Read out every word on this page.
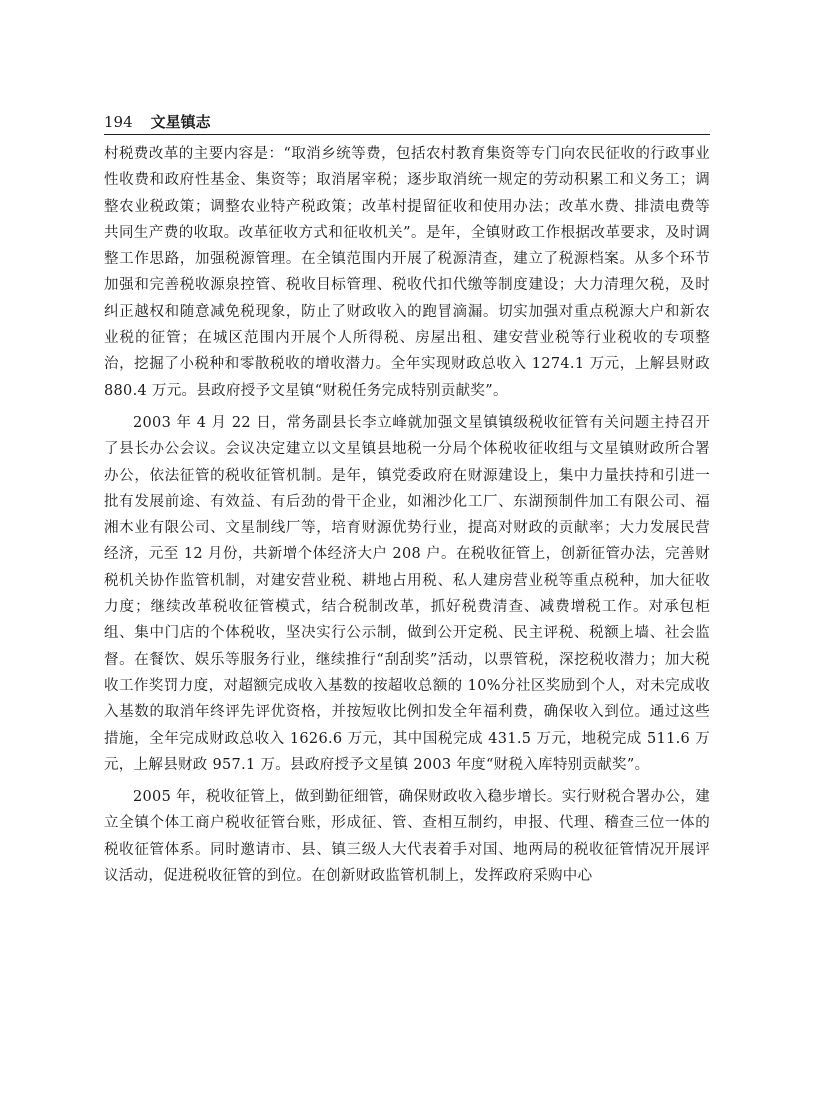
194 文星镇志

村税费改革的主要内容是：“取消乡统等费，包括农村教育集资等专门向农民征收的行政事业性收费和政府性基金、集资等；取消屠宰税；逐步取消统一规定的劳动积累工和义务工；调整农业税政策；调整农业特产税政策；改革村提留征收和使用办法；改革水费、排渍电费等共同生产费的收取。改革征收方式和征收机关”。是年，全镇财政工作根据改革要求，及时调整工作思路，加强税源管理。在全镇范围内开展了税源清查，建立了税源档案。从多个环节加强和完善税收源泉控管、税收目标管理、税收代扣代缴等制度建设；大力清理欠税，及时纠正越权和随意减免税现象，防止了财政收入的跑冒滴漏。切实加强对重点税源大户和新农业税的征管；在城区范围内开展个人所得税、房屋出租、建安营业税等行业税收的专项整治，挖掘了小税种和零散税收的增收潜力。全年实现财政总收入 1274.1 万元，上解县财政 880.4 万元。县政府授予文星镇“财税任务完成特别贡献奖”。

2003 年 4 月 22 日，常务副县长李立峰就加强文星镇镇级税收征管有关问题主持召开了县长办公会议。会议决定建立以文星镇县地税一分局个体税收征收组与文星镇财政所合署办公，依法征管的税收征管机制。是年，镇党委政府在财源建设上，集中力量扶持和引进一批有发展前途、有效益、有后劲的骨干企业，如湘沙化工厂、东湖预制件加工有限公司、福湘木业有限公司、文星制线厂等，培育财源优势行业，提高对财政的贡献率；大力发展民营经济，元至 12 月份，共新增个体经济大户 208 户。在税收征管上，创新征管办法，完善财税机关协作监管机制，对建安营业税、耕地占用税、私人建房营业税等重点税种，加大征收力度；继续改革税收征管模式，结合税制改革，抓好税费清查、减费增税工作。对承包柜组、集中门店的个体税收，坚决实行公示制，做到公开定税、民主评税、税额上墙、社会监督。在餐饮、娱乐等服务行业，继续推行“刮刮奖”活动，以票管税，深挖税收潜力；加大税收工作奖罚力度，对超额完成收入基数的按超收总额的 10%分社区奖励到个人，对未完成收入基数的取消年终评先评优资格，并按短收比例扣发全年福利费，确保收入到位。通过这些措施，全年完成财政总收入 1626.6 万元，其中国税完成 431.5 万元，地税完成 511.6 万元，上解县财政 957.1 万。县政府授予文星镇 2003 年度“财税入库特别贡献奖”。

2005 年，税收征管上，做到勤征细管，确保财政收入稳步增长。实行财税合署办公，建立全镇个体工商户税收征管台账，形成征、管、查相互制约，申报、代理、稽查三位一体的税收征管体系。同时邀请市、县、镇三级人大代表着手对国、地两局的税收征管情况开展评议活动，促进税收征管的到位。在创新财政监管机制上，发挥政府采购中心
